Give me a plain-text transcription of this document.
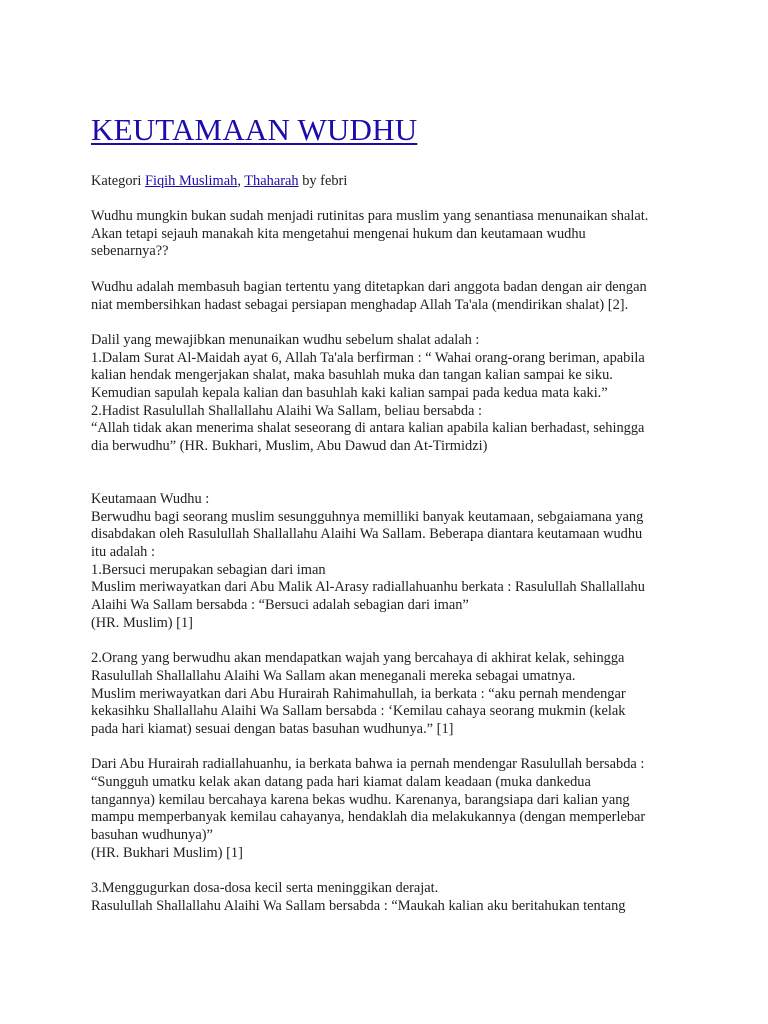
KEUTAMAAN WUDHU
Kategori Fiqih Muslimah, Thaharah by febri
Wudhu mungkin bukan sudah menjadi rutinitas para muslim yang senantiasa menunaikan shalat.
Akan tetapi sejauh manakah kita mengetahui mengenai hukum dan keutamaan wudhu
sebenarnya??
Wudhu adalah membasuh bagian tertentu yang ditetapkan dari anggota badan dengan air dengan
niat membersihkan hadast sebagai persiapan menghadap Allah Ta'ala (mendirikan shalat) [2].
Dalil yang mewajibkan menunaikan wudhu sebelum shalat adalah :
1.Dalam Surat Al-Maidah ayat 6, Allah Ta'ala berfirman : “ Wahai orang-orang beriman, apabila
kalian hendak mengerjakan shalat, maka basuhlah muka dan tangan kalian sampai ke siku.
Kemudian sapulah kepala kalian dan basuhlah kaki kalian sampai pada kedua mata kaki.”
2.Hadist Rasulullah Shallallahu Alaihi Wa Sallam, beliau bersabda :
“Allah tidak akan menerima shalat seseorang di antara kalian apabila kalian berhadast, sehingga
dia berwudhu” (HR. Bukhari, Muslim, Abu Dawud dan At-Tirmidzi)
Keutamaan Wudhu :
Berwudhu bagi seorang muslim sesungguhnya memilliki banyak keutamaan, sebgaiamana yang
disabdakan oleh Rasulullah Shallallahu Alaihi Wa Sallam. Beberapa diantara keutamaan wudhu
itu adalah :
1.Bersuci merupakan sebagian dari iman
Muslim meriwayatkan dari Abu Malik Al-Arasy radiallahuanhu berkata : Rasulullah Shallallahu
Alaihi Wa Sallam bersabda : “Bersuci adalah sebagian dari iman”
(HR. Muslim) [1]
2.Orang yang berwudhu akan mendapatkan wajah yang bercahaya di akhirat kelak, sehingga
Rasulullah Shallallahu Alaihi Wa Sallam akan meneganali mereka sebagai umatnya.
Muslim meriwayatkan dari Abu Hurairah Rahimahullah, ia berkata : “aku pernah mendengar
kekasihku Shallallahu Alaihi Wa Sallam bersabda : ‘Kemilau cahaya seorang mukmin (kelak
pada hari kiamat) sesuai dengan batas basuhan wudhunya.” [1]
Dari Abu Hurairah radiallahuanhu, ia berkata bahwa ia pernah mendengar Rasulullah bersabda :
“Sungguh umatku kelak akan datang pada hari kiamat dalam keadaan (muka dankedua
tangannya) kemilau bercahaya karena bekas wudhu. Karenanya, barangsiapa dari kalian yang
mampu memperbanyak kemilau cahayanya, hendaklah dia melakukannya (dengan memperlebar
basuhan wudhunya)”
(HR. Bukhari Muslim) [1]
3.Menggugurkan dosa-dosa kecil serta meninggikan derajat.
Rasulullah Shallallahu Alaihi Wa Sallam bersabda : “Maukah kalian aku beritahukan tentang
